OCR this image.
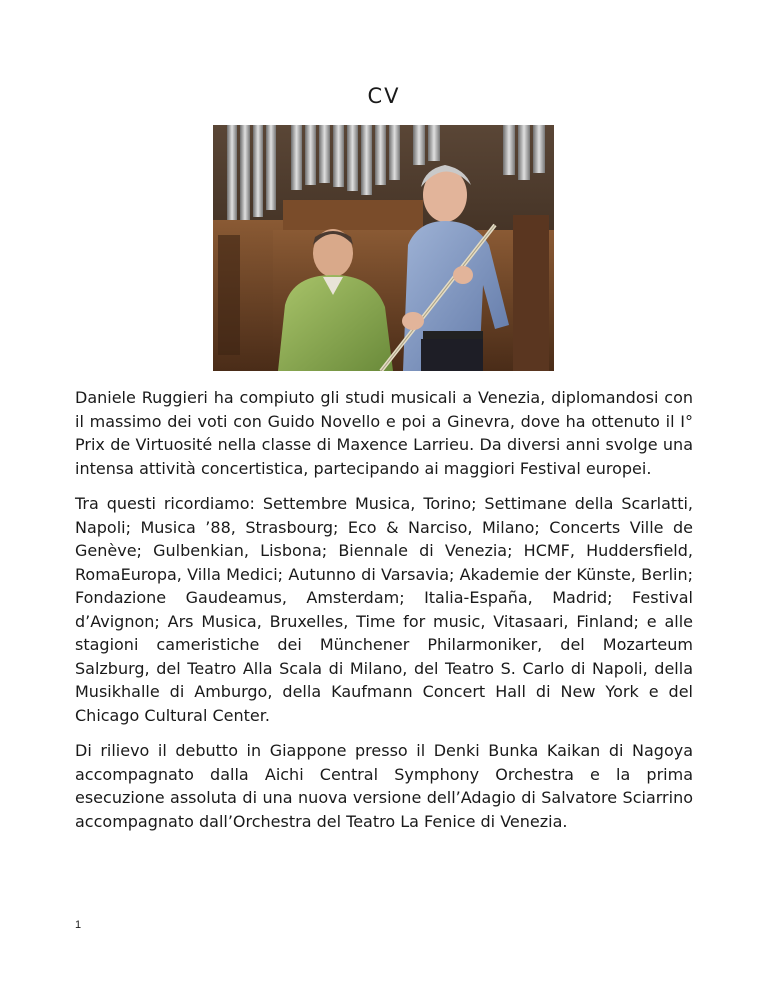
CV

Daniele Ruggieri ha compiuto gli studi musicali a Venezia, diplomandosi con il massimo dei voti con Guido Novello e poi a Ginevra, dove ha ottenuto il I° Prix de Virtuosité nella classe di Maxence Larrieu. Da diversi anni svolge una intensa attività concertistica, partecipando ai maggiori Festival europei.

Tra questi ricordiamo: Settembre Musica, Torino; Settimane della Scarlatti, Napoli; Musica ’88, Strasbourg; Eco & Narciso, Milano; Concerts Ville de Genève; Gulbenkian, Lisbona; Biennale di Venezia; HCMF, Huddersfield, RomaEuropa, Villa Medici; Autunno di Varsavia; Akademie der Künste, Berlin; Fondazione Gaudeamus, Amsterdam; Italia-España, Madrid; Festival d’Avignon; Ars Musica, Bruxelles, Time for music, Vitasaari, Finland; e alle stagioni cameristiche dei Münchener Philarmoniker, del Mozarteum Salzburg, del Teatro Alla Scala di Milano, del Teatro S. Carlo di Napoli, della Musikhalle di Amburgo, della Kaufmann Concert Hall di New York e del Chicago Cultural Center.

Di rilievo il debutto in Giappone presso il Denki Bunka Kaikan di Nagoya accompagnato dalla Aichi Central Symphony Orchestra e la prima esecuzione assoluta di una nuova versione dell’Adagio di Salvatore Sciarrino accompagnato dall’Orchestra del Teatro La Fenice di Venezia.

1
